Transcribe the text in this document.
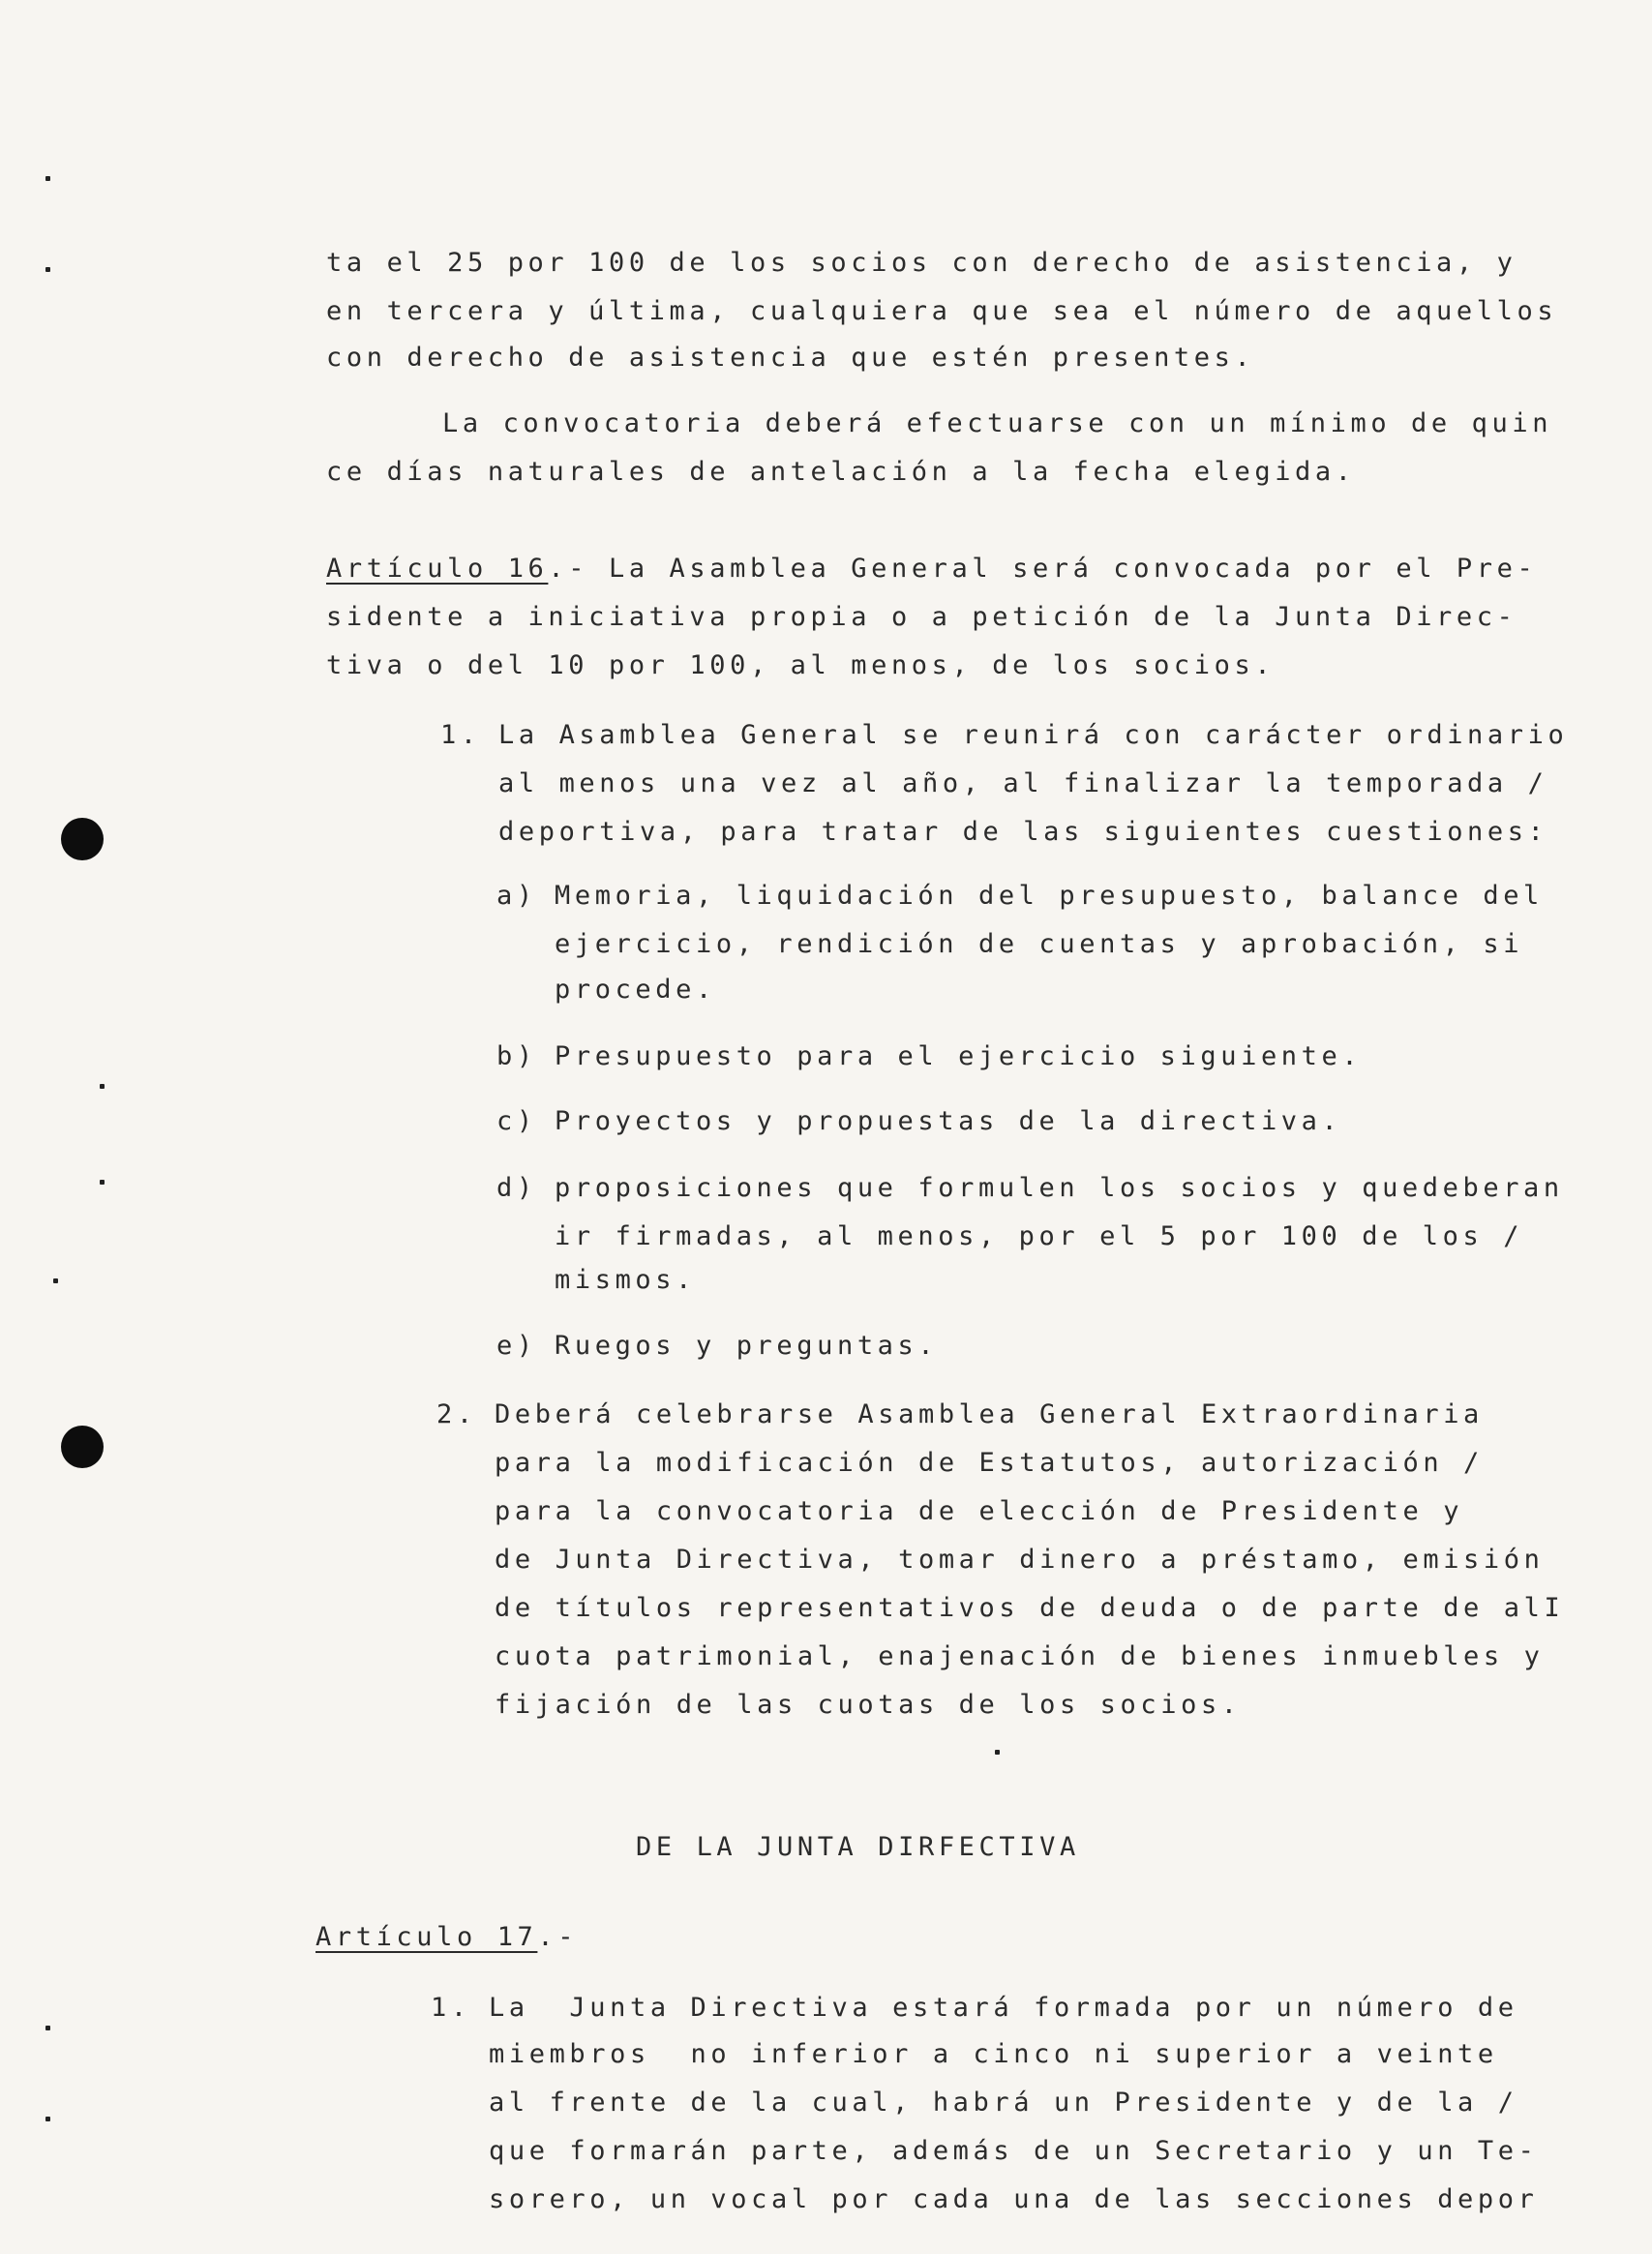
ta el 25 por 100 de los socios con derecho de asistencia, y
en tercera y última, cualquiera que sea el número de aquellos
con derecho de asistencia que estén presentes.
La convocatoria deberá efectuarse con un mínimo de quin
ce días naturales de antelación a la fecha elegida.
Artículo 16.- La Asamblea General será convocada por el Pre-
sidente a iniciativa propia o a petición de la Junta Direc-
tiva o del 10 por 100, al menos, de los socios.
1. La Asamblea General se reunirá con carácter ordinario
al menos una vez al año, al finalizar la temporada /
deportiva, para tratar de las siguientes cuestiones:
a) Memoria, liquidación del presupuesto, balance del
ejercicio, rendición de cuentas y aprobación, si
procede.
b) Presupuesto para el ejercicio siguiente.
c) Proyectos y propuestas de la directiva.
d) proposiciones que formulen los socios y quedeberan
ir firmadas, al menos, por el 5 por 100 de los /
mismos.
e) Ruegos y preguntas.
2. Deberá celebrarse Asamblea General Extraordinaria
para la modificación de Estatutos, autorización /
para la convocatoria de elección de Presidente y
de Junta Directiva, tomar dinero a préstamo, emisión
de títulos representativos de deuda o de parte de alI
cuota patrimonial, enajenación de bienes inmuebles y
fijación de las cuotas de los socios.
DE LA JUNTA DIRFECTIVA
Artículo 17.-
1. La  Junta Directiva estará formada por un número de
miembros  no inferior a cinco ni superior a veinte
al frente de la cual, habrá un Presidente y de la /
que formarán parte, además de un Secretario y un Te-
sorero, un vocal por cada una de las secciones depor
